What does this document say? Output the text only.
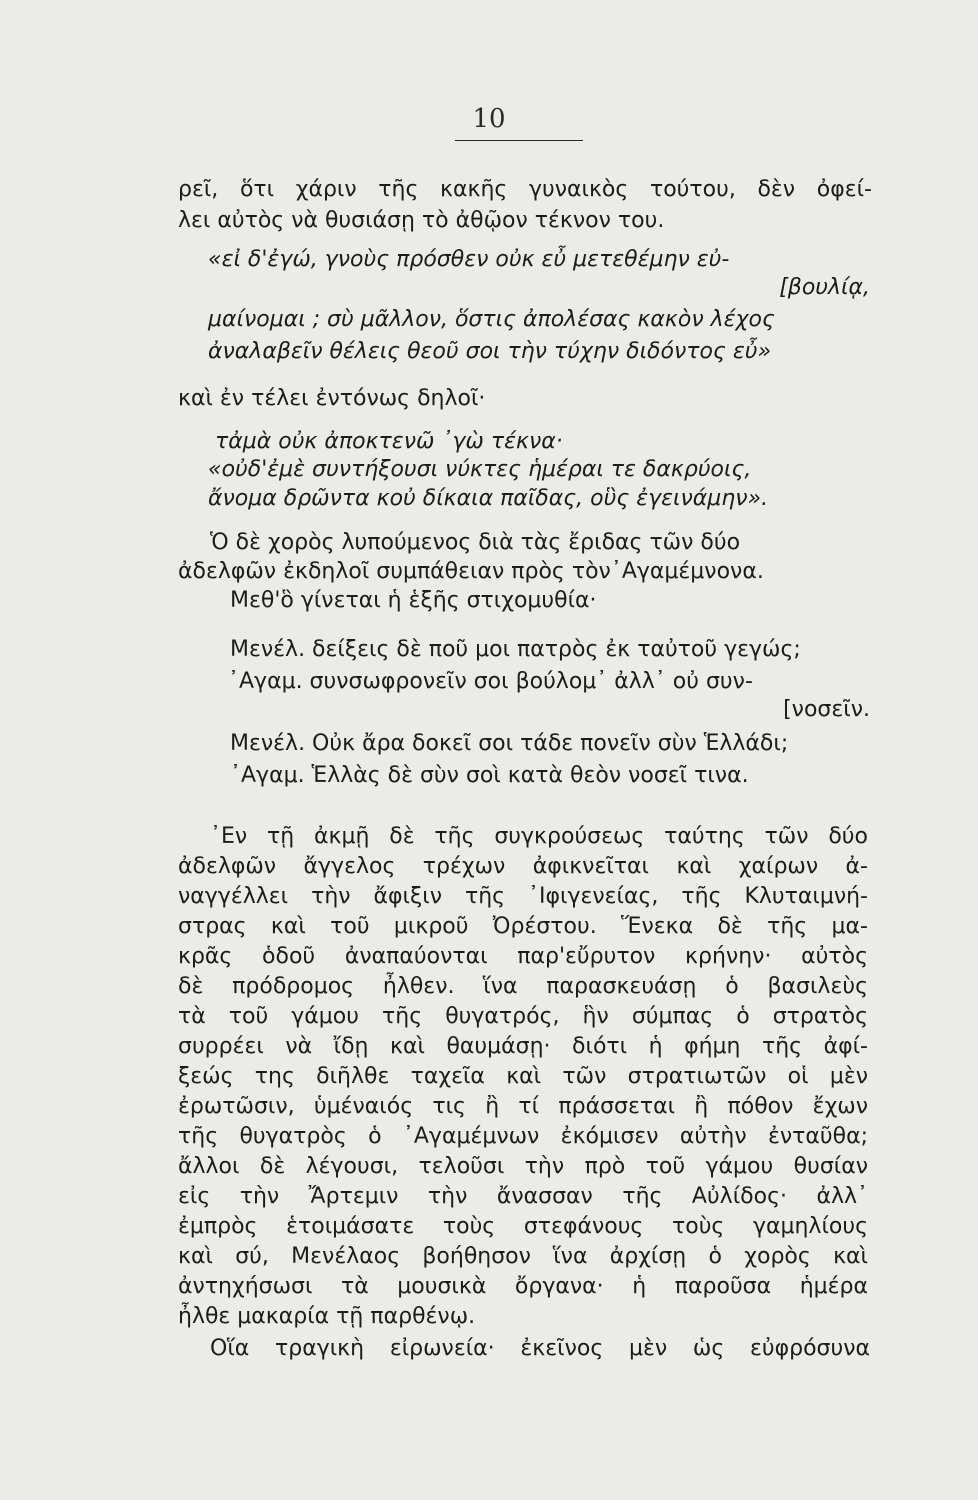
10

ρεῖ, ὅτι χάριν τῆς κακῆς γυναικὸς τούτου, δὲν ὀφεί-

λει αὐτὸς νὰ θυσιάσῃ τὸ ἀθῷον τέκνον του.

«εἰ δ'ἐγώ, γνοὺς πρόσθεν οὐκ εὖ μετεθέμην εὐ-

[βουλίᾳ,

μαίνομαι ; σὺ μᾶλλον, ὅστις ἀπολέσας κακὸν λέχος

ἀναλαβεῖν θέλεις θεοῦ σοι τὴν τύχην διδόντος εὖ»

καὶ ἐν τέλει ἐντόνως δηλοῖ·

τἀμὰ οὐκ ἀποκτενῶ ᾽γὼ τέκνα·

«οὐδ'ἐμὲ συντήξουσι νύκτες ἡμέραι τε δακρύοις,

ἄνομα δρῶντα κοὐ δίκαια παῖδας, οὓς ἐγεινάμην».

Ὁ δὲ χορὸς λυπούμενος διὰ τὰς ἔριδας τῶν δύο

ἀδελφῶν ἐκδηλοῖ συμπάθειαν πρὸς τὸν᾽Αγαμέμνονα.

Μεθ'ὃ γίνεται ἡ ἑξῆς στιχομυθία·

Μενέλ. δείξεις δὲ ποῦ μοι πατρὸς ἐκ ταὐτοῦ γεγώς;

᾽Αγαμ. συνσωφρονεῖν σοι βούλομ᾽ ἀλλ᾽ οὐ συν-

[νοσεῖν.

Μενέλ. Οὐκ ἄρα δοκεῖ σοι τάδε πονεῖν σὺν Ἑλλάδι;

᾽Αγαμ. Ἑλλὰς δὲ σὺν σοὶ κατὰ θεὸν νοσεῖ τινα.

᾽Εν τῇ ἀκμῇ δὲ τῆς συγκρούσεως ταύτης τῶν δύο

ἀδελφῶν ἄγγελος τρέχων ἀφικνεῖται καὶ χαίρων ἀ-

ναγγέλλει τὴν ἄφιξιν τῆς ᾽Ιφιγενείας, τῆς Κλυταιμνή-

στρας καὶ τοῦ μικροῦ Ὀρέστου. Ἕνεκα δὲ τῆς μα-

κρᾶς ὁδοῦ ἀναπαύονται παρ'εὔρυτον κρήνην· αὐτὸς

δὲ πρόδρομος ἦλθεν. ἵνα παρασκευάσῃ ὁ βασιλεὺς

τὰ τοῦ γάμου τῆς θυγατρός, ἣν σύμπας ὁ στρατὸς

συρρέει νὰ ἴδῃ καὶ θαυμάσῃ· διότι ἡ φήμη τῆς ἀφί-

ξεώς της διῆλθε ταχεῖα καὶ τῶν στρατιωτῶν οἱ μὲν

ἐρωτῶσιν, ὑμέναιός τις ἢ τί πράσσεται ἢ πόθον ἔχων

τῆς θυγατρὸς ὁ ᾽Αγαμέμνων ἐκόμισεν αὐτὴν ἐνταῦθα;

ἄλλοι δὲ λέγουσι, τελοῦσι τὴν πρὸ τοῦ γάμου θυσίαν

εἰς τὴν Ἄρτεμιν τὴν ἄνασσαν τῆς Αὐλίδος· ἀλλ᾽

ἐμπρὸς ἑτοιμάσατε τοὺς στεφάνους τοὺς γαμηλίους

καὶ σύ, Μενέλαος βοήθησον ἵνα ἀρχίσῃ ὁ χορὸς καὶ

ἀντηχήσωσι τὰ μουσικὰ ὄργανα· ἡ παροῦσα ἡμέρα

ἦλθε μακαρία τῇ παρθένῳ.

Οἵα τραγικὴ εἰρωνεία· ἐκεῖνος μὲν ὡς εὐφρόσυνα
